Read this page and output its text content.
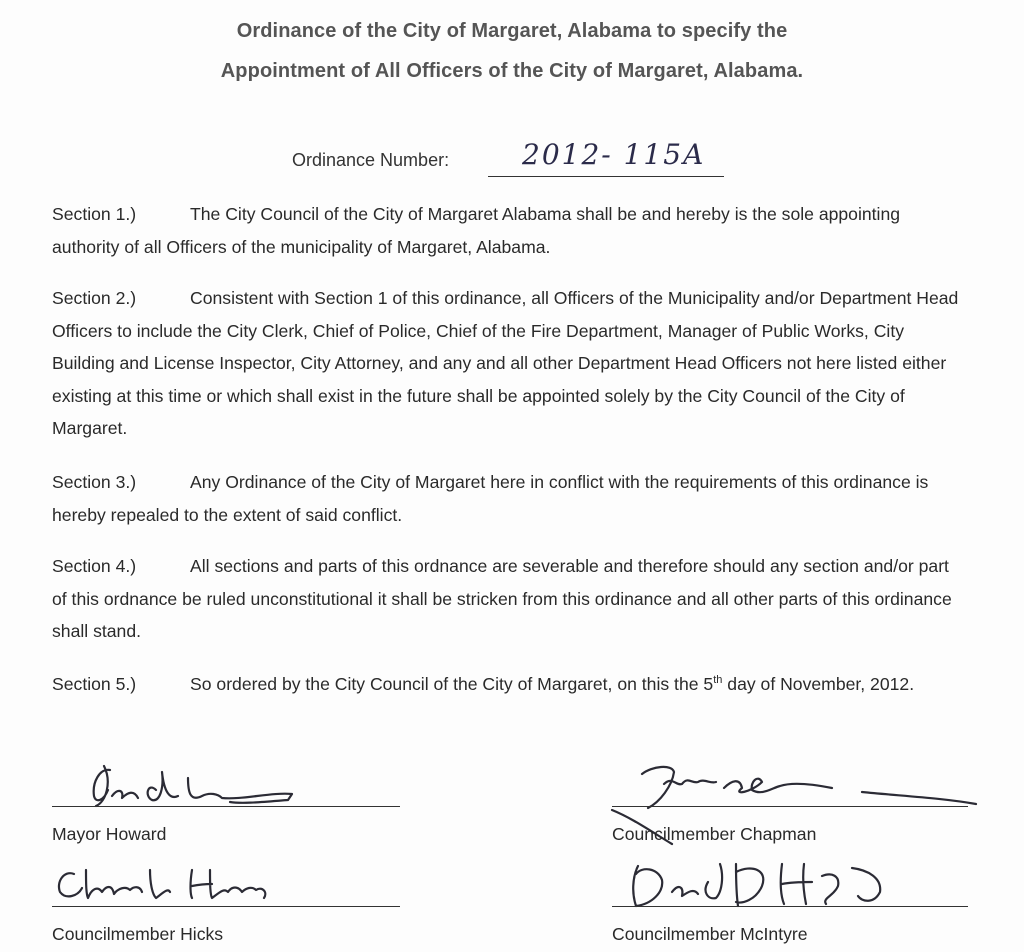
Ordinance of the City of Margaret, Alabama to specify the
Appointment of All Officers of the City of Margaret, Alabama.
Ordinance Number:	2012- 115A
Section 1.)	The City Council of the City of Margaret Alabama shall be and hereby is the sole appointing authority of all Officers of the municipality of Margaret, Alabama.
Section 2.)	Consistent with Section 1 of this ordinance, all Officers of the Municipality and/or Department Head Officers to include the City Clerk, Chief of Police, Chief of the Fire Department, Manager of Public Works, City Building and License Inspector, City Attorney, and any and all other Department Head Officers not here listed either existing at this time or which shall exist in the future shall be appointed solely by the City Council of the City of Margaret.
Section 3.)	Any Ordinance of the City of Margaret here in conflict with the requirements of this ordinance is hereby repealed to the extent of said conflict.
Section 4.)	All sections and parts of this ordnance are severable and therefore should any section and/or part of this ordnance be ruled unconstitutional it shall be stricken from this ordinance and all other parts of this ordinance shall stand.
Section 5.)	So ordered by the City Council of the City of Margaret, on this the 5th day of November, 2012.
Mayor Howard	Councilmember Chapman
Councilmember Hicks	Councilmember McIntyre
